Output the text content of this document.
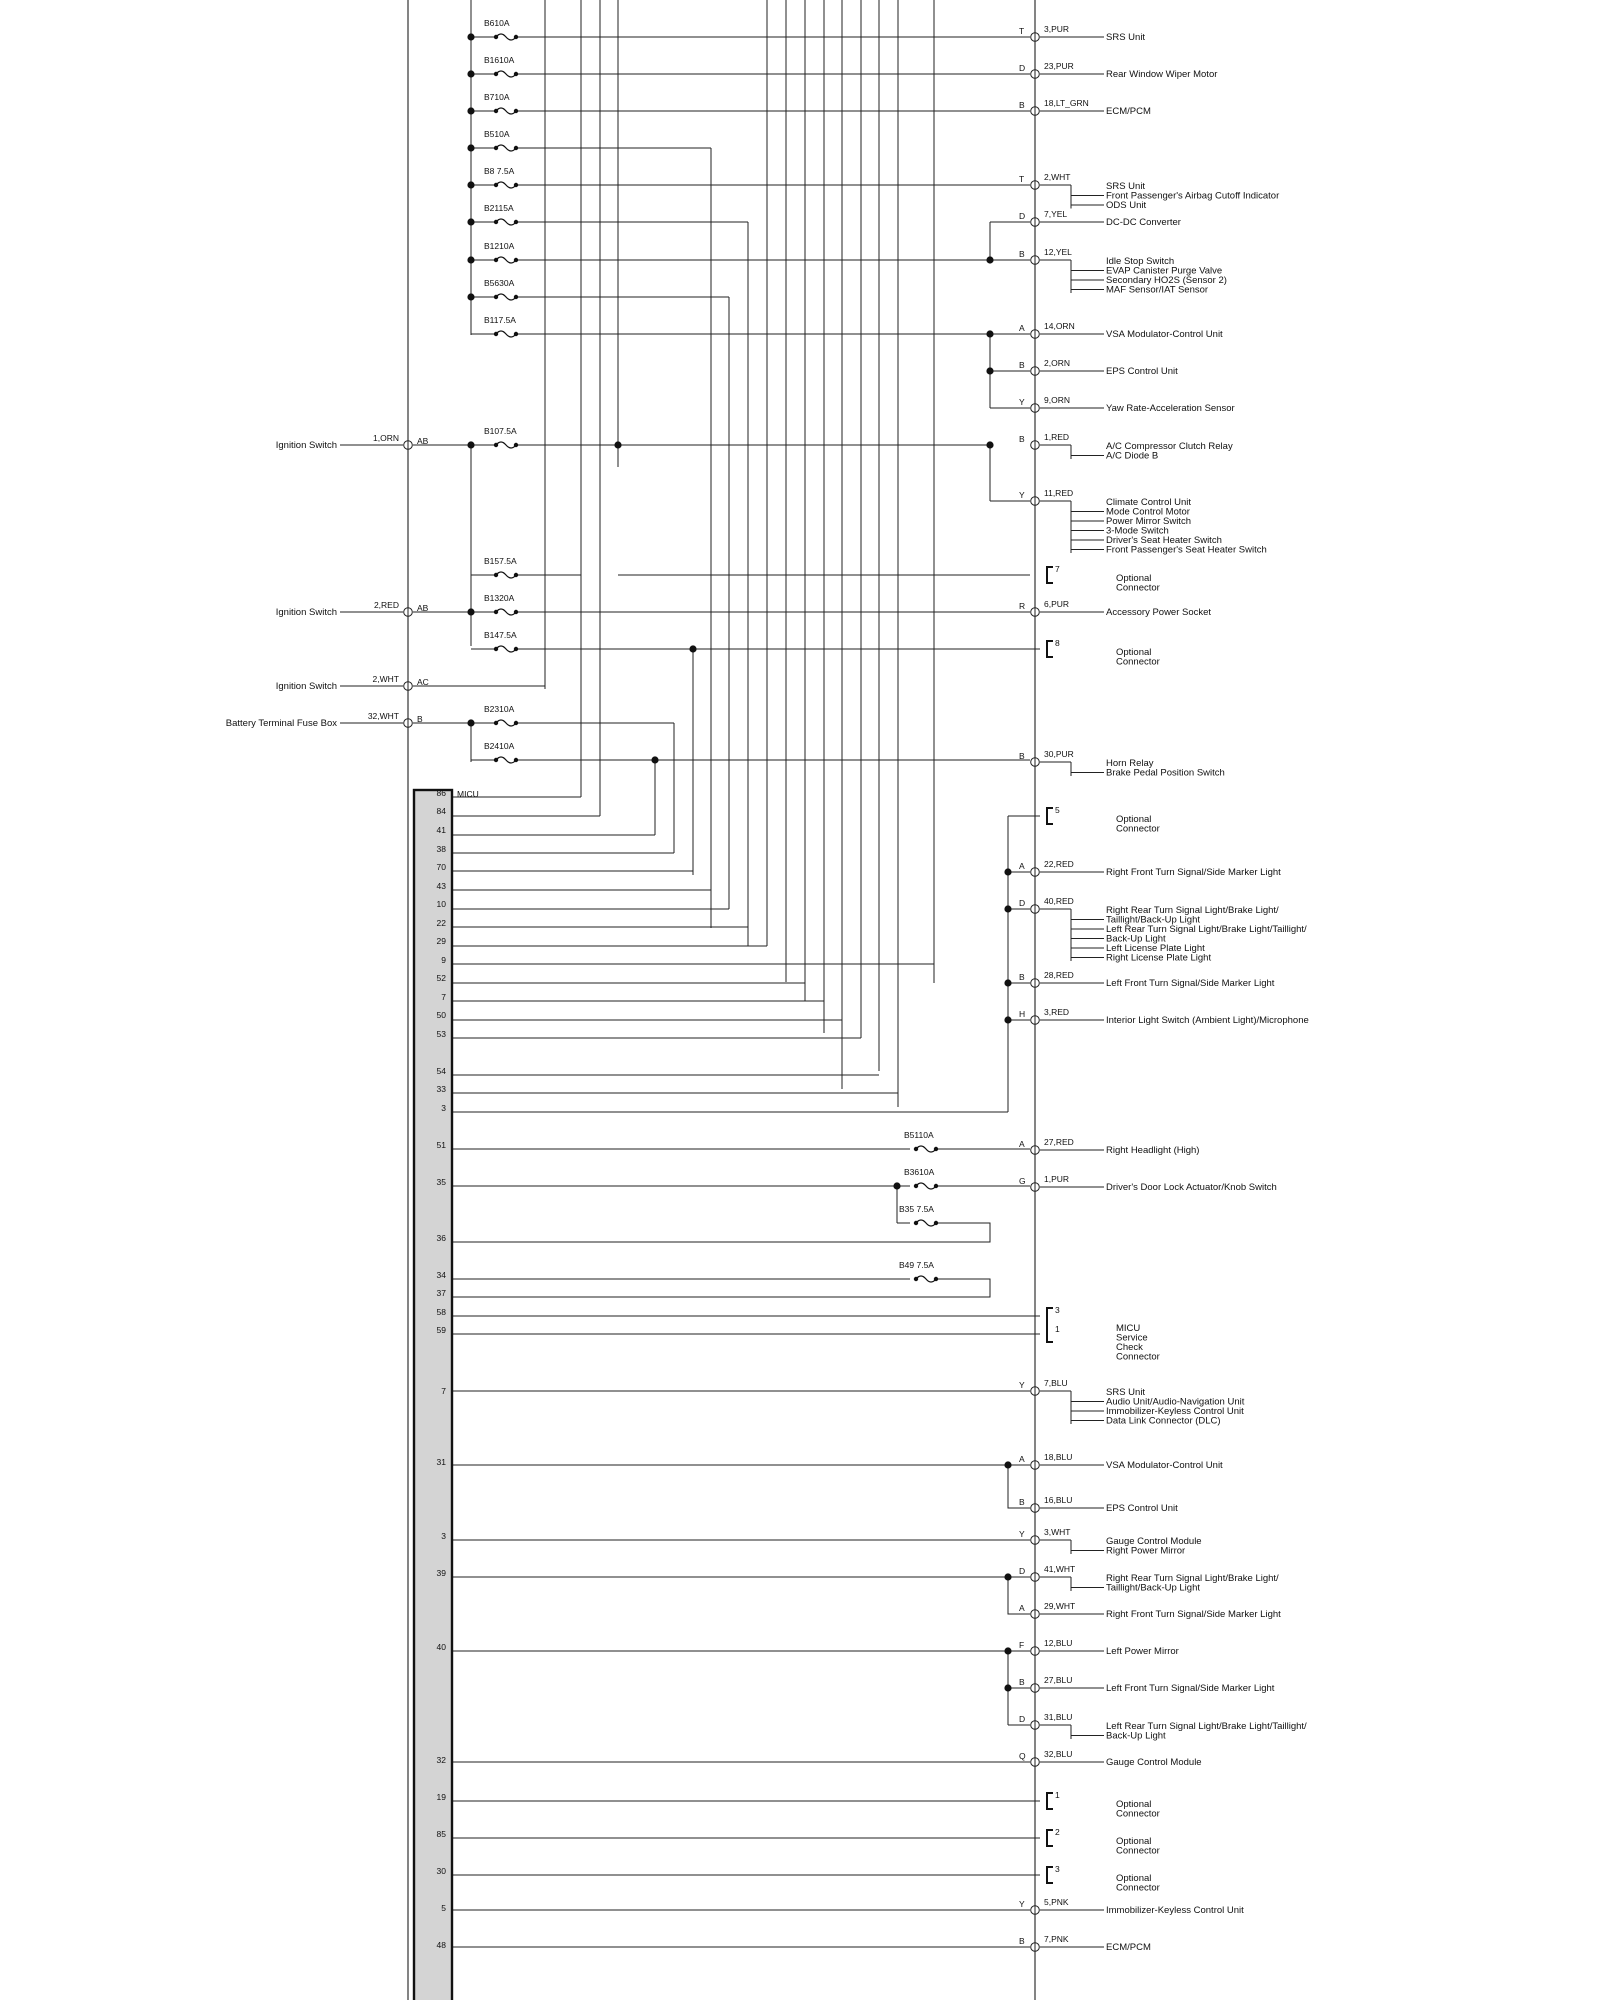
B610A
B1610A
B710A
B510A
B8 7.5A
B2115A
B1210A
B5630A
B117.5A
T 3,PUR
SRS Unit
D 23,PUR
Rear Window Wiper Motor
B 18,LT_GRN
ECM/PCM
T 2,WHT
SRS Unit
Front Passenger's Airbag Cutoff Indicator
ODS Unit
D 7,YEL
DC-DC Converter
B 12,YEL
Idle Stop Switch
EVAP Canister Purge Valve
Secondary HO2S (Sensor 2)
MAF Sensor/IAT Sensor
A 14,ORN
VSA Modulator-Control Unit
B 2,ORN
EPS Control Unit
Y 9,ORN
Yaw Rate-Acceleration Sensor
B 1,RED
A/C Compressor Clutch Relay
A/C Diode B
Y 11,RED
Climate Control Unit
Mode Control Motor
Power Mirror Switch
3-Mode Switch
Driver's Seat Heater Switch
Front Passenger's Seat Heater Switch
R 6,PUR
Accessory Power Socket
B 30,PUR
Horn Relay
Brake Pedal Position Switch
A 22,RED
Right Front Turn Signal/Side Marker Light
D 40,RED
Right Rear Turn Signal Light/Brake Light/
Taillight/Back-Up Light
Left Rear Turn Signal Light/Brake Light/Taillight/
Back-Up Light
Left License Plate Light
Right License Plate Light
B 28,RED
Left Front Turn Signal/Side Marker Light
H 3,RED
Interior Light Switch (Ambient Light)/Microphone
A 27,RED
Right Headlight (High)
G 1,PUR
Driver's Door Lock Actuator/Knob Switch
Y 7,BLU
SRS Unit
Audio Unit/Audio-Navigation Unit
Immobilizer-Keyless Control Unit
Data Link Connector (DLC)
A 18,BLU
VSA Modulator-Control Unit
B 16,BLU
EPS Control Unit
Y 3,WHT
Gauge Control Module
Right Power Mirror
D 41,WHT
Right Rear Turn Signal Light/Brake Light/
Taillight/Back-Up Light
A 29,WHT
Right Front Turn Signal/Side Marker Light
F 12,BLU
Left Power Mirror
B 27,BLU
Left Front Turn Signal/Side Marker Light
D 31,BLU
Left Rear Turn Signal Light/Brake Light/Taillight/
Back-Up Light
Q 32,BLU
Gauge Control Module
Y 5,PNK
Immobilizer-Keyless Control Unit
B 7,PNK
ECM/PCM
Ignition Switch
1,ORN AB
Ignition Switch
2,RED AB
Ignition Switch
2,WHT AC
Battery Terminal Fuse Box
32,WHT B
B107.5A
B157.5A
B1320A
B147.5A
B2310A
B2410A
7
Optional
Connector
8
Optional
Connector
5
Optional
Connector
MICU
86
84
41
38
70
43
10
22
29
9
52
7
50
53
54
33
3
51
35
36
34
37
58
59
7
31
3
39
40
32
19
85
30
5
48
B5110A
B3610A
B35 7.5A
B49 7.5A
3
1	MICU
Service
Check
Connector
1
Optional
Connector
2
Optional
Connector
3
Optional
Connector
